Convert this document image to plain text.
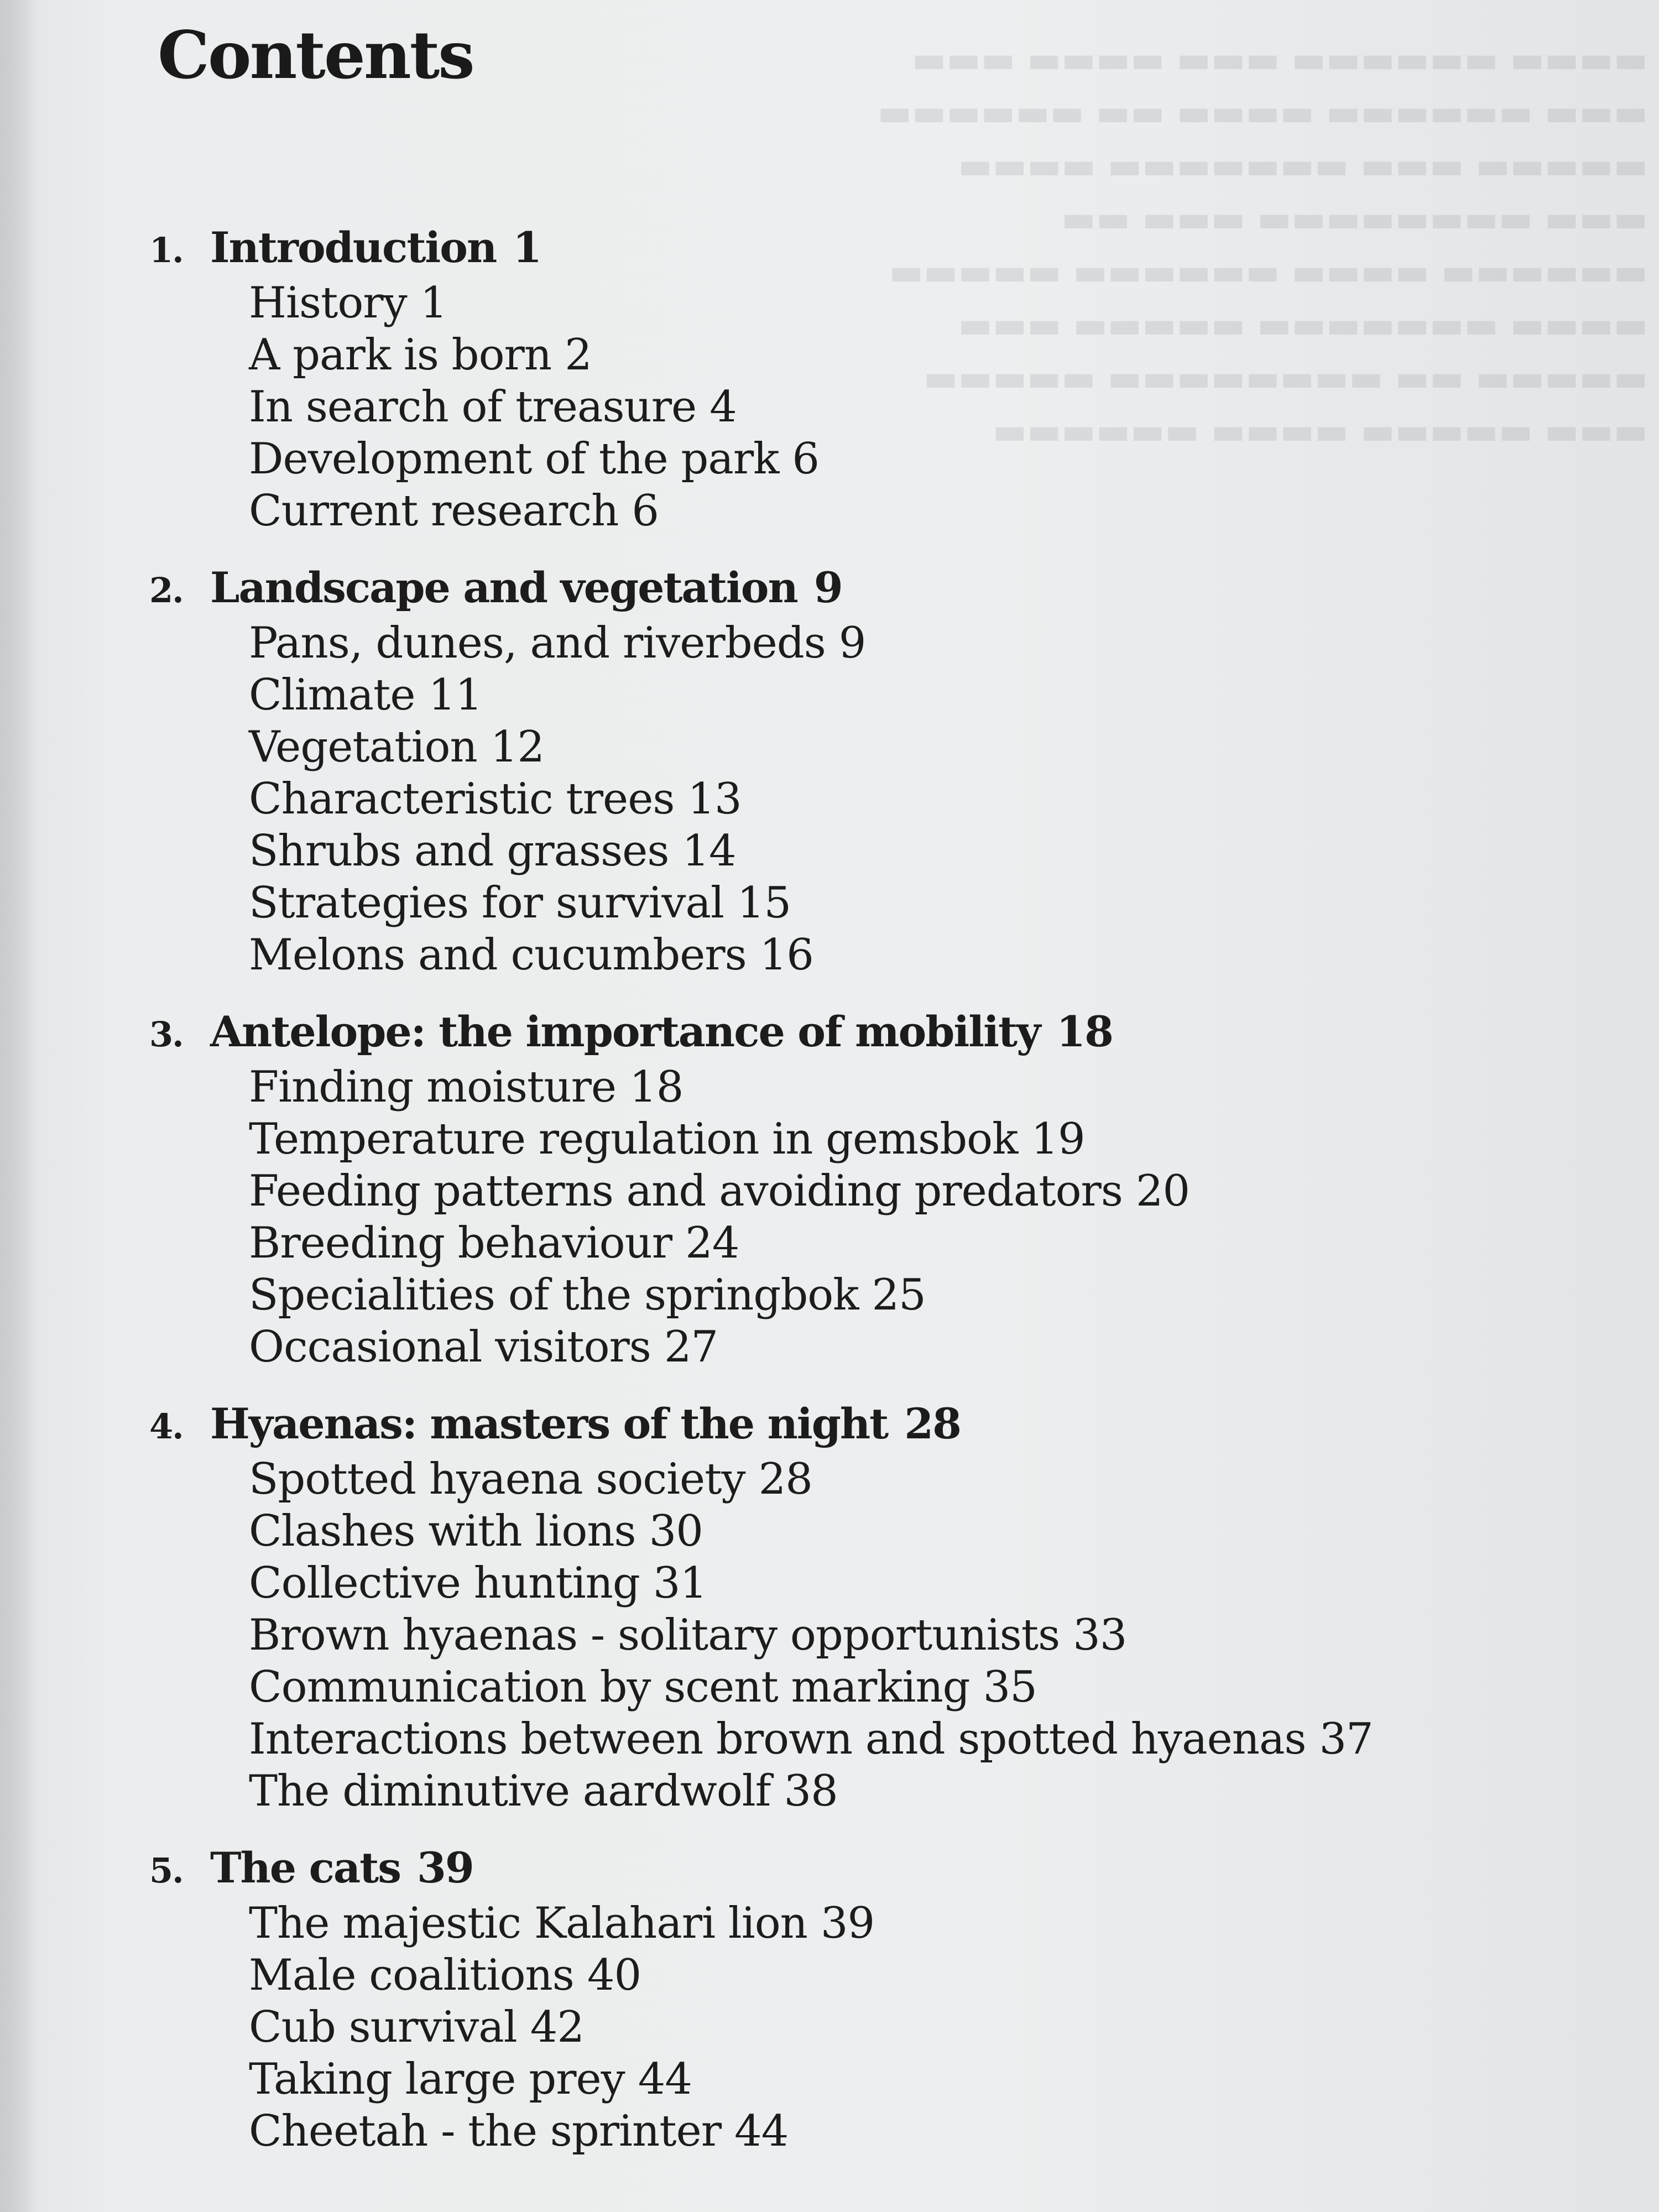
▬▬▬▬ ▬▬▬▬▬▬ ▬▬▬ ▬▬▬▬ ▬▬▬
▬▬▬ ▬▬▬▬▬▬ ▬▬▬▬ ▬▬ ▬▬▬▬▬▬
▬▬▬▬▬ ▬▬▬ ▬▬▬▬▬▬▬ ▬▬▬▬
▬▬▬ ▬▬▬▬▬▬▬▬ ▬▬▬ ▬▬
▬▬▬▬▬▬ ▬▬▬▬ ▬▬▬▬▬▬ ▬▬▬▬▬
▬▬▬▬ ▬▬▬▬▬▬▬ ▬▬▬▬▬ ▬▬▬
▬▬▬▬▬ ▬▬ ▬▬▬▬▬▬▬▬ ▬▬▬▬▬
▬▬▬ ▬▬▬▬▬ ▬▬▬▬ ▬▬▬▬▬▬
Contents
1. Introduction 1
History 1
A park is born 2
In search of treasure 4
Development of the park 6
Current research 6
2. Landscape and vegetation 9
Pans, dunes, and riverbeds 9
Climate 11
Vegetation 12
Characteristic trees 13
Shrubs and grasses 14
Strategies for survival 15
Melons and cucumbers 16
3. Antelope: the importance of mobility 18
Finding moisture 18
Temperature regulation in gemsbok 19
Feeding patterns and avoiding predators 20
Breeding behaviour 24
Specialities of the springbok 25
Occasional visitors 27
4. Hyaenas: masters of the night 28
Spotted hyaena society 28
Clashes with lions 30
Collective hunting 31
Brown hyaenas - solitary opportunists 33
Communication by scent marking 35
Interactions between brown and spotted hyaenas 37
The diminutive aardwolf 38
5. The cats 39
The majestic Kalahari lion 39
Male coalitions 40
Cub survival 42
Taking large prey 44
Cheetah - the sprinter 44
